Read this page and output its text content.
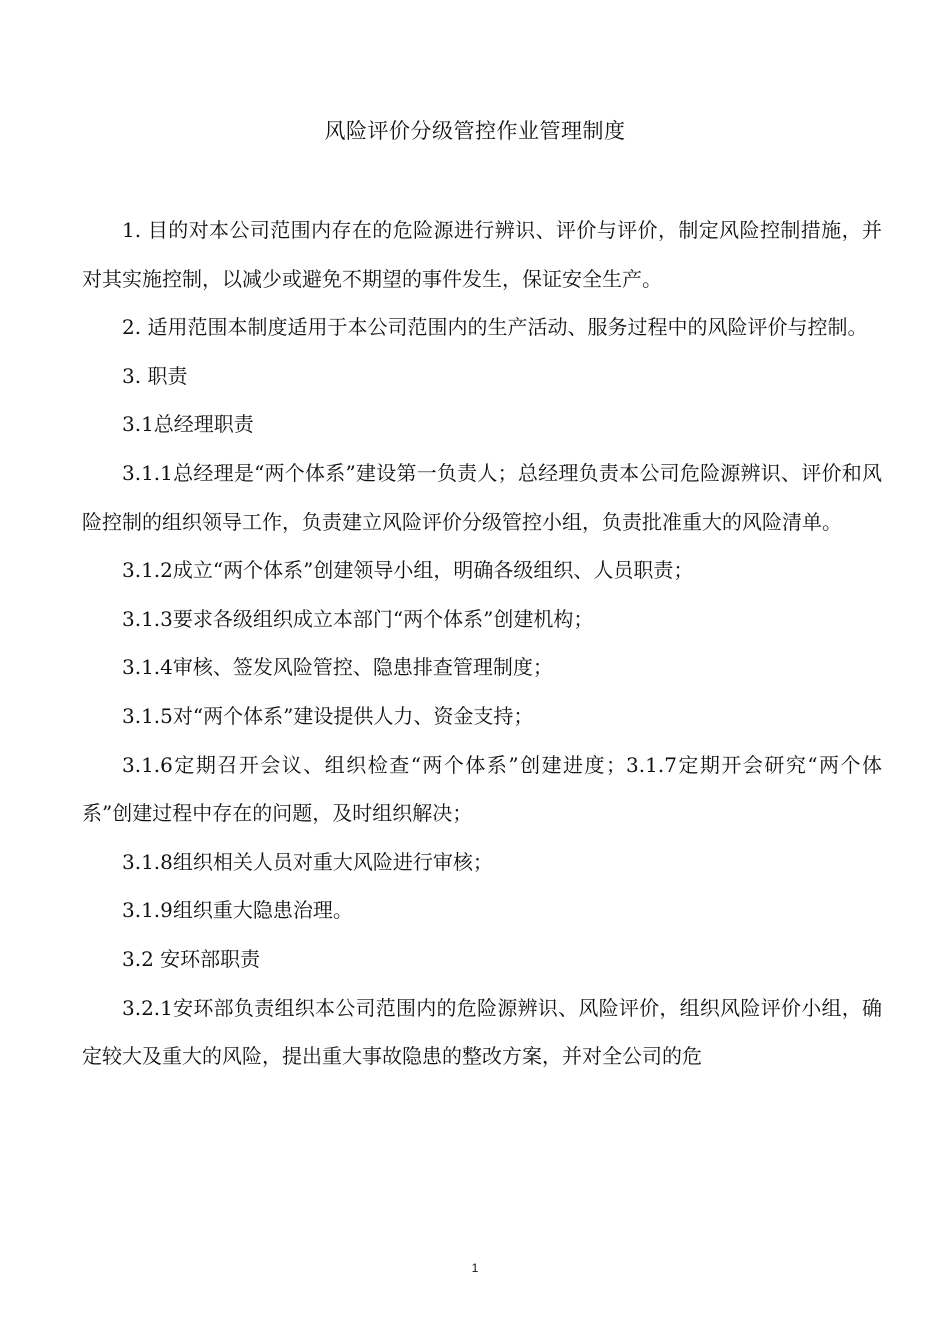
风险评价分级管控作业管理制度

1. 目的对本公司范围内存在的危险源进行辨识、评价与评价，制定风险控制措施，并对其实施控制，以减少或避免不期望的事件发生，保证安全生产。

2. 适用范围本制度适用于本公司范围内的生产活动、服务过程中的风险评价与控制。

3. 职责

3.1总经理职责

3.1.1总经理是“两个体系”建设第一负责人；总经理负责本公司危险源辨识、评价和风险控制的组织领导工作，负责建立风险评价分级管控小组，负责批准重大的风险清单。

3.1.2成立“两个体系”创建领导小组，明确各级组织、人员职责；

3.1.3要求各级组织成立本部门“两个体系”创建机构；

3.1.4审核、签发风险管控、隐患排查管理制度；

3.1.5对“两个体系”建设提供人力、资金支持；

3.1.6定期召开会议、组织检查“两个体系”创建进度；3.1.7定期开会研究“两个体系”创建过程中存在的问题，及时组织解决；

3.1.8组织相关人员对重大风险进行审核；

3.1.9组织重大隐患治理。

3.2 安环部职责

3.2.1安环部负责组织本公司范围内的危险源辨识、风险评价，组织风险评价小组，确定较大及重大的风险，提出重大事故隐患的整改方案，并对全公司的危

1
